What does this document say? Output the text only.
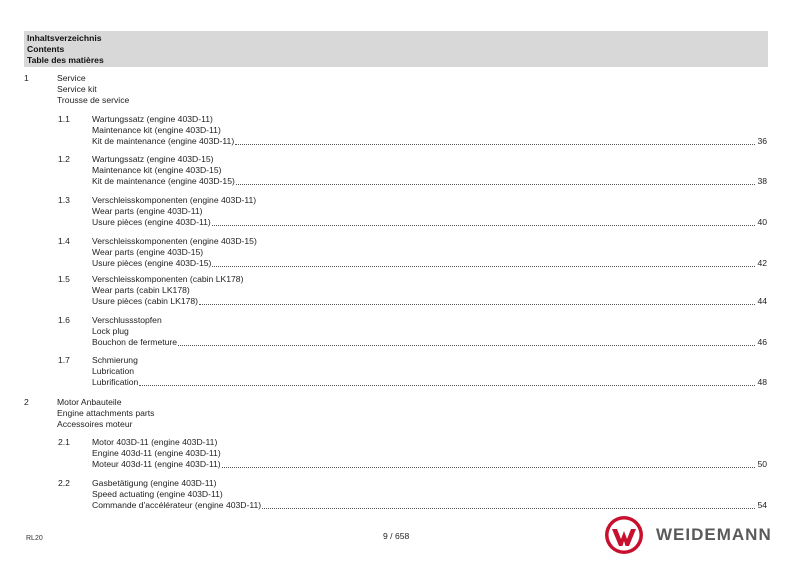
Inhaltsverzeichnis
Contents
Table des matières
1	Service
Service kit
Trousse de service
1.1	Wartungssatz (engine 403D-11)
Maintenance kit (engine 403D-11)
Kit de maintenance (engine 403D-11)	36
1.2	Wartungssatz (engine 403D-15)
Maintenance kit (engine 403D-15)
Kit de maintenance (engine 403D-15)	38
1.3	Verschleisskomponenten (engine 403D-11)
Wear parts (engine 403D-11)
Usure pièces (engine 403D-11)	40
1.4	Verschleisskomponenten (engine 403D-15)
Wear parts (engine 403D-15)
Usure pièces (engine 403D-15)	42
1.5	Verschleisskomponenten (cabin LK178)
Wear parts (cabin LK178)
Usure pièces (cabin LK178)	44
1.6	Verschlussstopfen
Lock plug
Bouchon de fermeture	46
1.7	Schmierung
Lubrication
Lubrification	48
2	Motor Anbauteile
Engine attachments parts
Accessoires moteur
2.1	Motor 403D-11 (engine 403D-11)
Engine 403d-11 (engine 403D-11)
Moteur 403d-11 (engine 403D-11)	50
2.2	Gasbetätigung (engine 403D-11)
Speed actuating (engine 403D-11)
Commande d'accélérateur (engine 403D-11)	54
RL20	9 / 658	WEIDEMANN
